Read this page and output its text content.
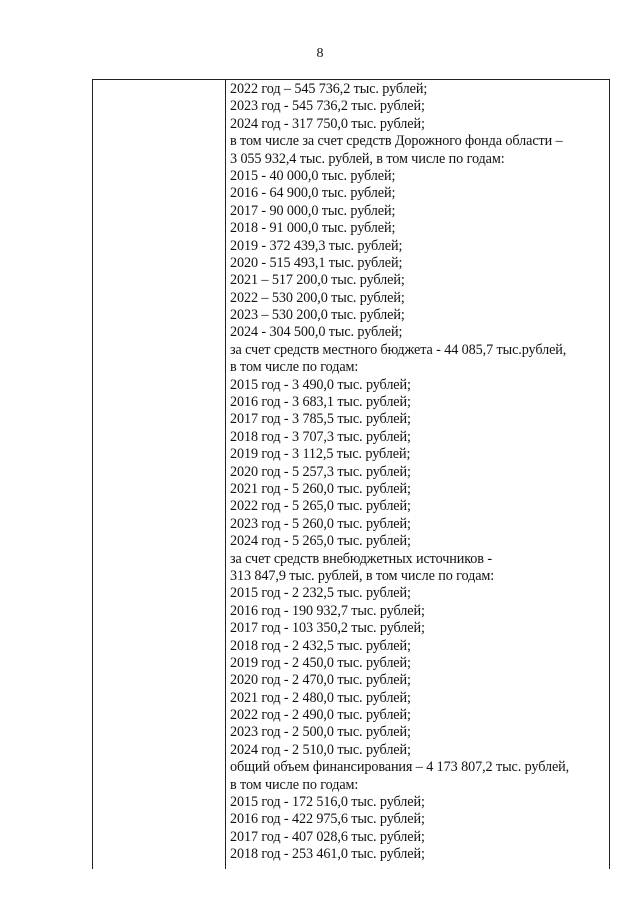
8
2022 год – 545 736,2 тыс. рублей;
2023 год - 545 736,2 тыс. рублей;
2024 год - 317 750,0 тыс. рублей;
в том числе за счет средств Дорожного фонда области –
3 055 932,4 тыс. рублей, в том числе по годам:
2015 - 40 000,0 тыс. рублей;
2016 - 64 900,0 тыс. рублей;
2017 - 90 000,0 тыс. рублей;
2018 - 91 000,0 тыс. рублей;
2019 - 372 439,3 тыс. рублей;
2020 - 515 493,1 тыс. рублей;
2021 – 517 200,0 тыс. рублей;
2022 – 530 200,0 тыс. рублей;
2023 – 530 200,0 тыс. рублей;
2024 - 304 500,0 тыс. рублей;
за счет средств местного бюджета - 44 085,7 тыс.рублей,
в том числе по годам:
2015 год - 3 490,0 тыс. рублей;
2016 год - 3 683,1 тыс. рублей;
2017 год - 3 785,5 тыс. рублей;
2018 год - 3 707,3 тыс. рублей;
2019 год - 3 112,5 тыс. рублей;
2020 год - 5 257,3 тыс. рублей;
2021 год - 5 260,0 тыс. рублей;
2022 год - 5 265,0 тыс. рублей;
2023 год - 5 260,0 тыс. рублей;
2024 год - 5 265,0 тыс. рублей;
за счет средств внебюджетных источников -
313 847,9 тыс. рублей, в том числе по годам:
2015 год - 2 232,5 тыс. рублей;
2016 год - 190 932,7 тыс. рублей;
2017 год - 103 350,2 тыс. рублей;
2018 год - 2 432,5 тыс. рублей;
2019 год - 2 450,0 тыс. рублей;
2020 год - 2 470,0 тыс. рублей;
2021 год - 2 480,0 тыс. рублей;
2022 год - 2 490,0 тыс. рублей;
2023 год - 2 500,0 тыс. рублей;
2024 год - 2 510,0 тыс. рублей;
общий объем финансирования – 4 173 807,2 тыс. рублей,
в том числе по годам:
2015 год - 172 516,0 тыс. рублей;
2016 год - 422 975,6 тыс. рублей;
2017 год - 407 028,6 тыс. рублей;
2018 год - 253 461,0 тыс. рублей;
